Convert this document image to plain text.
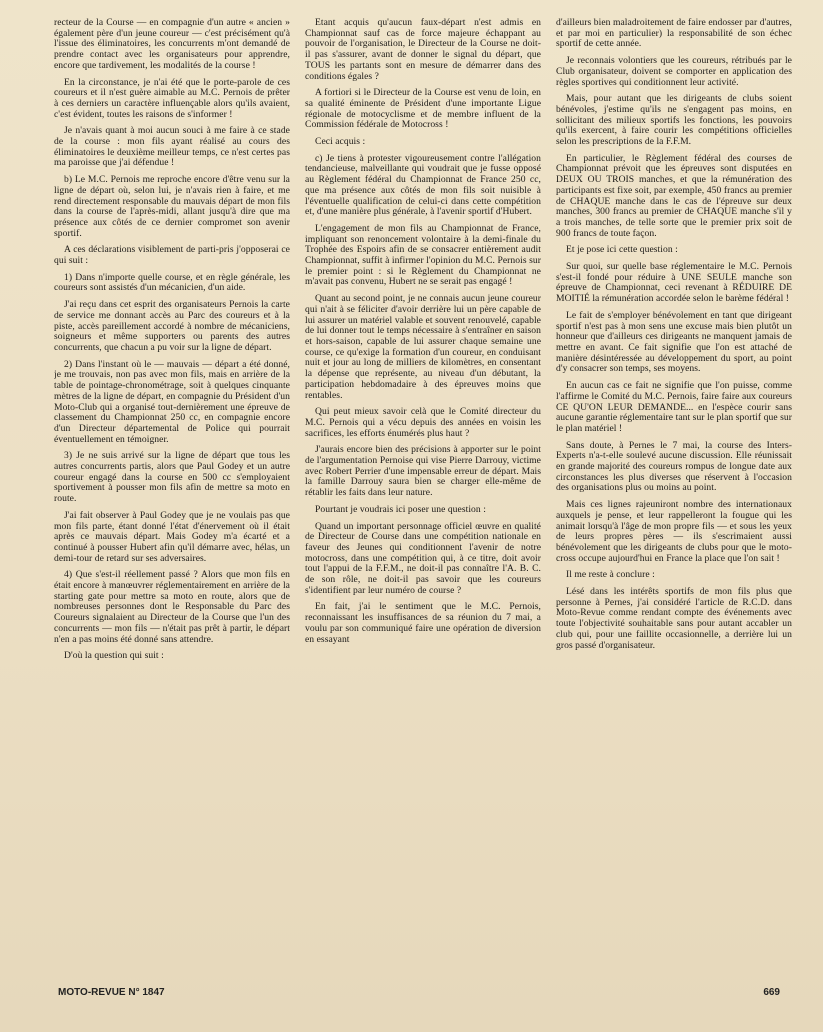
recteur de la Course — en compagnie d'un autre « ancien » également père d'un jeune coureur — c'est précisément qu'à l'issue des éliminatoires, les concurrents m'ont demandé de prendre contact avec les organisateurs pour apprendre, encore que tardivement, les modalités de la course !

En la circonstance, je n'ai été que le porte-parole de ces coureurs et il n'est guère aimable au M.C. Pernois de prêter à ces derniers un caractère influençable alors qu'ils avaient, c'est évident, toutes les raisons de s'informer !

Je n'avais quant à moi aucun souci à me faire à ce stade de la course : mon fils ayant réalisé au cours des éliminatoires le deuxième meilleur temps, ce n'est certes pas ma paroisse que j'ai défendue !

b) Le M.C. Pernois me reproche encore d'être venu sur la ligne de départ où, selon lui, je n'avais rien à faire, et me rend directement responsable du mauvais départ de mon fils dans la course de l'après-midi, allant jusqu'à dire que ma présence aux côtés de ce dernier compromet son avenir sportif.

A ces déclarations visiblement de parti-pris j'opposerai ce qui suit :

1) Dans n'importe quelle course, et en règle générale, les coureurs sont assistés d'un mécanicien, d'un aide.

J'ai reçu dans cet esprit des organisateurs Pernois la carte de service me donnant accès au Parc des coureurs et à la piste, accès pareillement accordé à nombre de mécaniciens, soigneurs et même supporters ou parents des autres concurrents, que chacun a pu voir sur la ligne de départ.

2) Dans l'instant où le — mauvais — départ a été donné, je me trouvais, non pas avec mon fils, mais en arrière de la table de pointage-chronométrage, soit à quelques cinquante mètres de la ligne de départ, en compagnie du Président d'un Moto-Club qui a organisé tout-dernièrement une épreuve de classement du Championnat 250 cc, en compagnie encore d'un Directeur départemental de Police qui pourrait éventuellement en témoigner.

3) Je ne suis arrivé sur la ligne de départ que tous les autres concurrents partis, alors que Paul Godey et un autre coureur engagé dans la course en 500 cc s'employaient sportivement à pousser mon fils afin de mettre sa moto en route.

J'ai fait observer à Paul Godey que je ne voulais pas que mon fils parte, étant donné l'état d'énervement où il était après ce mauvais départ. Mais Godey m'a écarté et a continué à pousser Hubert afin qu'il démarre avec, hélas, un demi-tour de retard sur ses adversaires.

4) Que s'est-il réellement passé ? Alors que mon fils en était encore à manœuvrer réglementairement en arrière de la starting gate pour mettre sa moto en route, alors que de nombreuses personnes dont le Responsable du Parc des Coureurs signalaient au Directeur de la Course que l'un des concurrents — mon fils — n'était pas prêt à partir, le départ n'en a pas moins été donné sans attendre.

D'où la question qui suit :

Etant acquis qu'aucun faux-départ n'est admis en Championnat sauf cas de force majeure échappant au pouvoir de l'organisation, le Directeur de la Course ne doit-il pas s'assurer, avant de donner le signal du départ, que TOUS les partants sont en mesure de démarrer dans des conditions égales ?

A fortiori si le Directeur de la Course est venu de loin, en sa qualité éminente de Président d'une importante Ligue régionale de motocyclisme et de membre influent de la Commission fédérale de Motocross !

Ceci acquis :

c) Je tiens à protester vigoureusement contre l'allégation tendancieuse, malveillante qui voudrait que je fusse opposé au Règlement fédéral du Championnat de France 250 cc, que ma présence aux côtés de mon fils soit nuisible à l'éventuelle qualification de celui-ci dans cette compétition et, d'une manière plus générale, à l'avenir sportif d'Hubert.

L'engagement de mon fils au Championnat de France, impliquant son renoncement volontaire à la demi-finale du Trophée des Espoirs afin de se consacrer entièrement audit Championnat, suffit à infirmer l'opinion du M.C. Pernois sur le premier point : si le Règlement du Championnat ne m'avait pas convenu, Hubert ne se serait pas engagé !

Quant au second point, je ne connais aucun jeune coureur qui n'ait à se féliciter d'avoir derrière lui un père capable de lui assurer un matériel valable et souvent renouvelé, capable de lui donner tout le temps nécessaire à s'entraîner en saison et hors-saison, capable de lui assurer chaque semaine une course, ce qu'exige la formation d'un coureur, en conduisant nuit et jour au long de milliers de kilomètres, en consentant la dépense que représente, au niveau d'un débutant, la participation hebdomadaire à des épreuves moins que rentables.

Qui peut mieux savoir celà que le Comité directeur du M.C. Pernois qui a vécu depuis des années en voisin les sacrifices, les efforts énumérés plus haut ?

J'aurais encore bien des précisions à apporter sur le point de l'argumentation Pernoise qui vise Pierre Darrouy, victime avec Robert Perrier d'une impensable erreur de départ. Mais la famille Darrouy saura bien se charger elle-même de rétablir les faits dans leur nature.

Pourtant je voudrais ici poser une question :

Quand un important personnage officiel œuvre en qualité de Directeur de Course dans une compétition nationale en faveur des Jeunes qui conditionnent l'avenir de notre motocross, dans une compétition qui, à ce titre, doit avoir tout l'appui de la F.F.M., ne doit-il pas connaître l'A. B. C. de son rôle, ne doit-il pas savoir que les coureurs s'identifient par leur numéro de course ?

En fait, j'ai le sentiment que le M.C. Pernois, reconnaissant les insuffisances de sa réunion du 7 mai, a voulu par son communiqué faire une opération de diversion en essayant

d'ailleurs bien maladroitement de faire endosser par d'autres, et par moi en particulier) la responsabilité de son échec sportif de cette année.

Je reconnais volontiers que les coureurs, rétribués par le Club organisateur, doivent se comporter en application des règles sportives qui conditionnent leur activité.

Mais, pour autant que les dirigeants de clubs soient bénévoles, j'estime qu'ils ne s'engagent pas moins, en sollicitant des milieux sportifs les fonctions, les pouvoirs qu'ils exercent, à faire courir les compétitions officielles selon les prescriptions de la F.F.M.

En particulier, le Règlement fédéral des courses de Championnat prévoit que les épreuves sont disputées en DEUX OU TROIS manches, et que la rémunération des participants est fixe soit, par exemple, 450 francs au premier de CHAQUE manche dans le cas de l'épreuve sur deux manches, 300 francs au premier de CHAQUE manche s'il y a trois manches, de telle sorte que le premier prix soit de 900 francs de toute façon.

Et je pose ici cette question :

Sur quoi, sur quelle base réglementaire le M.C. Pernois s'est-il fondé pour réduire à UNE SEULE manche son épreuve de Championnat, ceci revenant à RÉDUIRE DE MOITIÉ la rémunération accordée selon le barème fédéral !

Le fait de s'employer bénévolement en tant que dirigeant sportif n'est pas à mon sens une excuse mais bien plutôt un honneur que d'ailleurs ces dirigeants ne manquent jamais de mettre en avant. Ce fait signifie que l'on est attaché de manière désintéressée au développement du sport, au point d'y consacrer son temps, ses moyens.

En aucun cas ce fait ne signifie que l'on puisse, comme l'affirme le Comité du M.C. Pernois, faire faire aux coureurs CE QU'ON LEUR DEMANDE... en l'espèce courir sans aucune garantie réglementaire tant sur le plan sportif que sur le plan matériel !

Sans doute, à Pernes le 7 mai, la course des Inters-Experts n'a-t-elle soulevé aucune discussion. Elle réunissait en grande majorité des coureurs rompus de longue date aux circonstances les plus diverses que réservent à l'occasion des organisations plus ou moins au point.

Mais ces lignes rajeuniront nombre des internationaux auxquels je pense, et leur rappelleront la fougue qui les animait lorsqu'à l'âge de mon propre fils — et sous les yeux de leurs propres pères — ils s'escrimaient aussi bénévolement que les dirigeants de clubs pour que le moto-cross occupe aujourd'hui en France la place que l'on sait !

Il me reste à conclure :

Lésé dans les intérêts sportifs de mon fils plus que personne à Pernes, j'ai considéré l'article de R.C.D. dans Moto-Revue comme rendant compte des événements avec toute l'objectivité souhaitable sans pour autant accabler un club qui, pour une faillite occasionnelle, a derrière lui un gros passé d'organisateur.

MOTO-REVUE N° 1847	669
